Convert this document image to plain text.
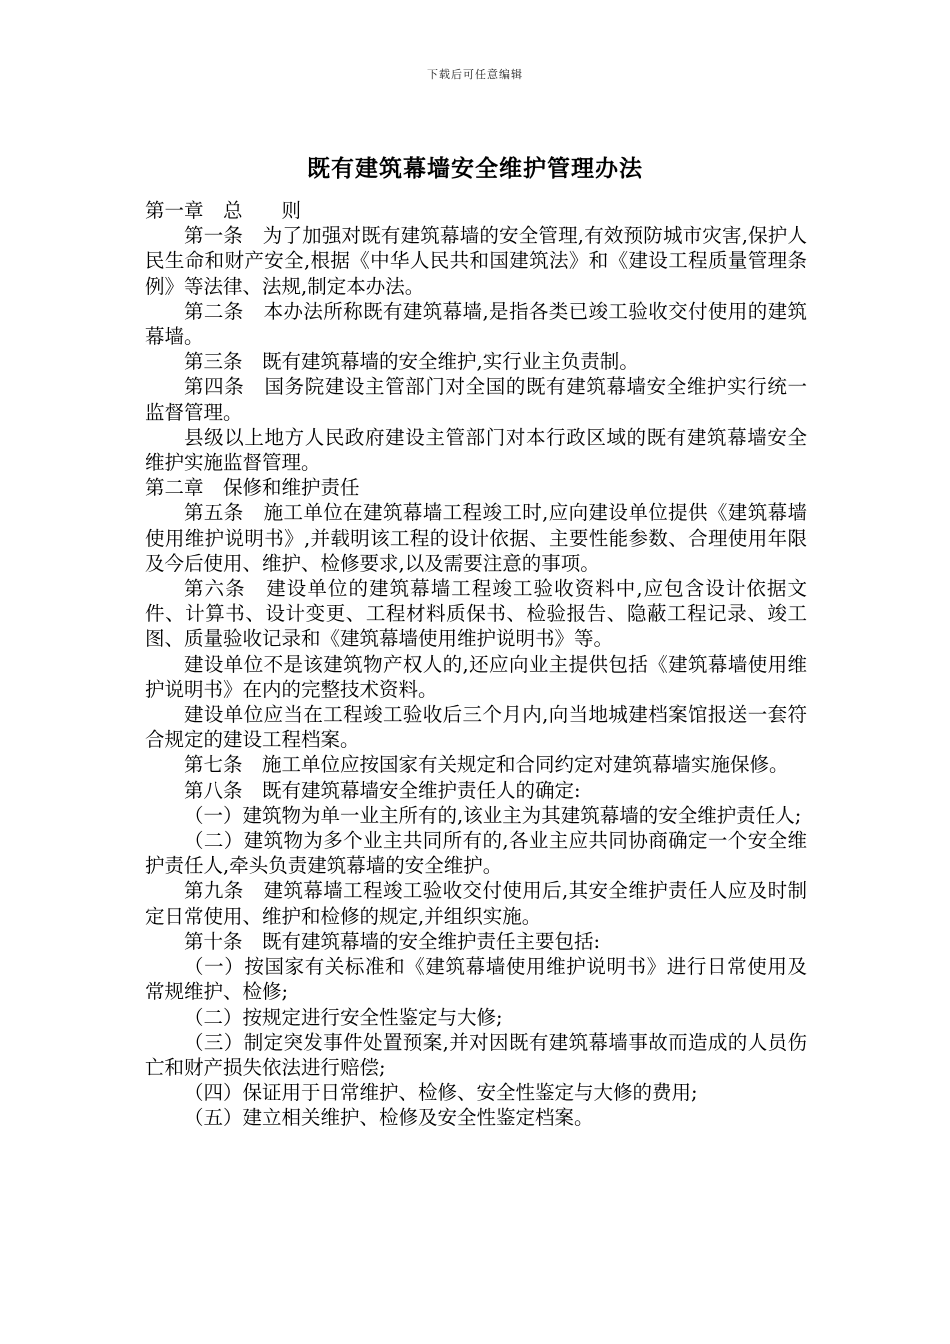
下载后可任意编辑
既有建筑幕墙安全维护管理办法

第一章　总　　则

第一条　为了加强对既有建筑幕墙的安全管理,有效预防城市灾害,保护人民生命和财产安全,根据《中华人民共和国建筑法》和《建设工程质量管理条例》等法律、法规,制定本办法。

第二条　本办法所称既有建筑幕墙,是指各类已竣工验收交付使用的建筑幕墙。

第三条　既有建筑幕墙的安全维护,实行业主负责制。

第四条　国务院建设主管部门对全国的既有建筑幕墙安全维护实行统一监督管理。

县级以上地方人民政府建设主管部门对本行政区域的既有建筑幕墙安全维护实施监督管理。

第二章　保修和维护责任

第五条　施工单位在建筑幕墙工程竣工时,应向建设单位提供《建筑幕墙使用维护说明书》,并载明该工程的设计依据、主要性能参数、合理使用年限及今后使用、维护、检修要求,以及需要注意的事项。

第六条　建设单位的建筑幕墙工程竣工验收资料中,应包含设计依据文件、计算书、设计变更、工程材料质保书、检验报告、隐蔽工程记录、竣工图、质量验收记录和《建筑幕墙使用维护说明书》等。

建设单位不是该建筑物产权人的,还应向业主提供包括《建筑幕墙使用维护说明书》在内的完整技术资料。

建设单位应当在工程竣工验收后三个月内,向当地城建档案馆报送一套符合规定的建设工程档案。

第七条　施工单位应按国家有关规定和合同约定对建筑幕墙实施保修。

第八条　既有建筑幕墙安全维护责任人的确定:

（一）建筑物为单一业主所有的,该业主为其建筑幕墙的安全维护责任人;

（二）建筑物为多个业主共同所有的,各业主应共同协商确定一个安全维护责任人,牵头负责建筑幕墙的安全维护。

第九条　建筑幕墙工程竣工验收交付使用后,其安全维护责任人应及时制定日常使用、维护和检修的规定,并组织实施。

第十条　既有建筑幕墙的安全维护责任主要包括:

（一）按国家有关标准和《建筑幕墙使用维护说明书》进行日常使用及常规维护、检修;

（二）按规定进行安全性鉴定与大修;

（三）制定突发事件处置预案,并对因既有建筑幕墙事故而造成的人员伤亡和财产损失依法进行赔偿;

（四）保证用于日常维护、检修、安全性鉴定与大修的费用;

（五）建立相关维护、检修及安全性鉴定档案。
